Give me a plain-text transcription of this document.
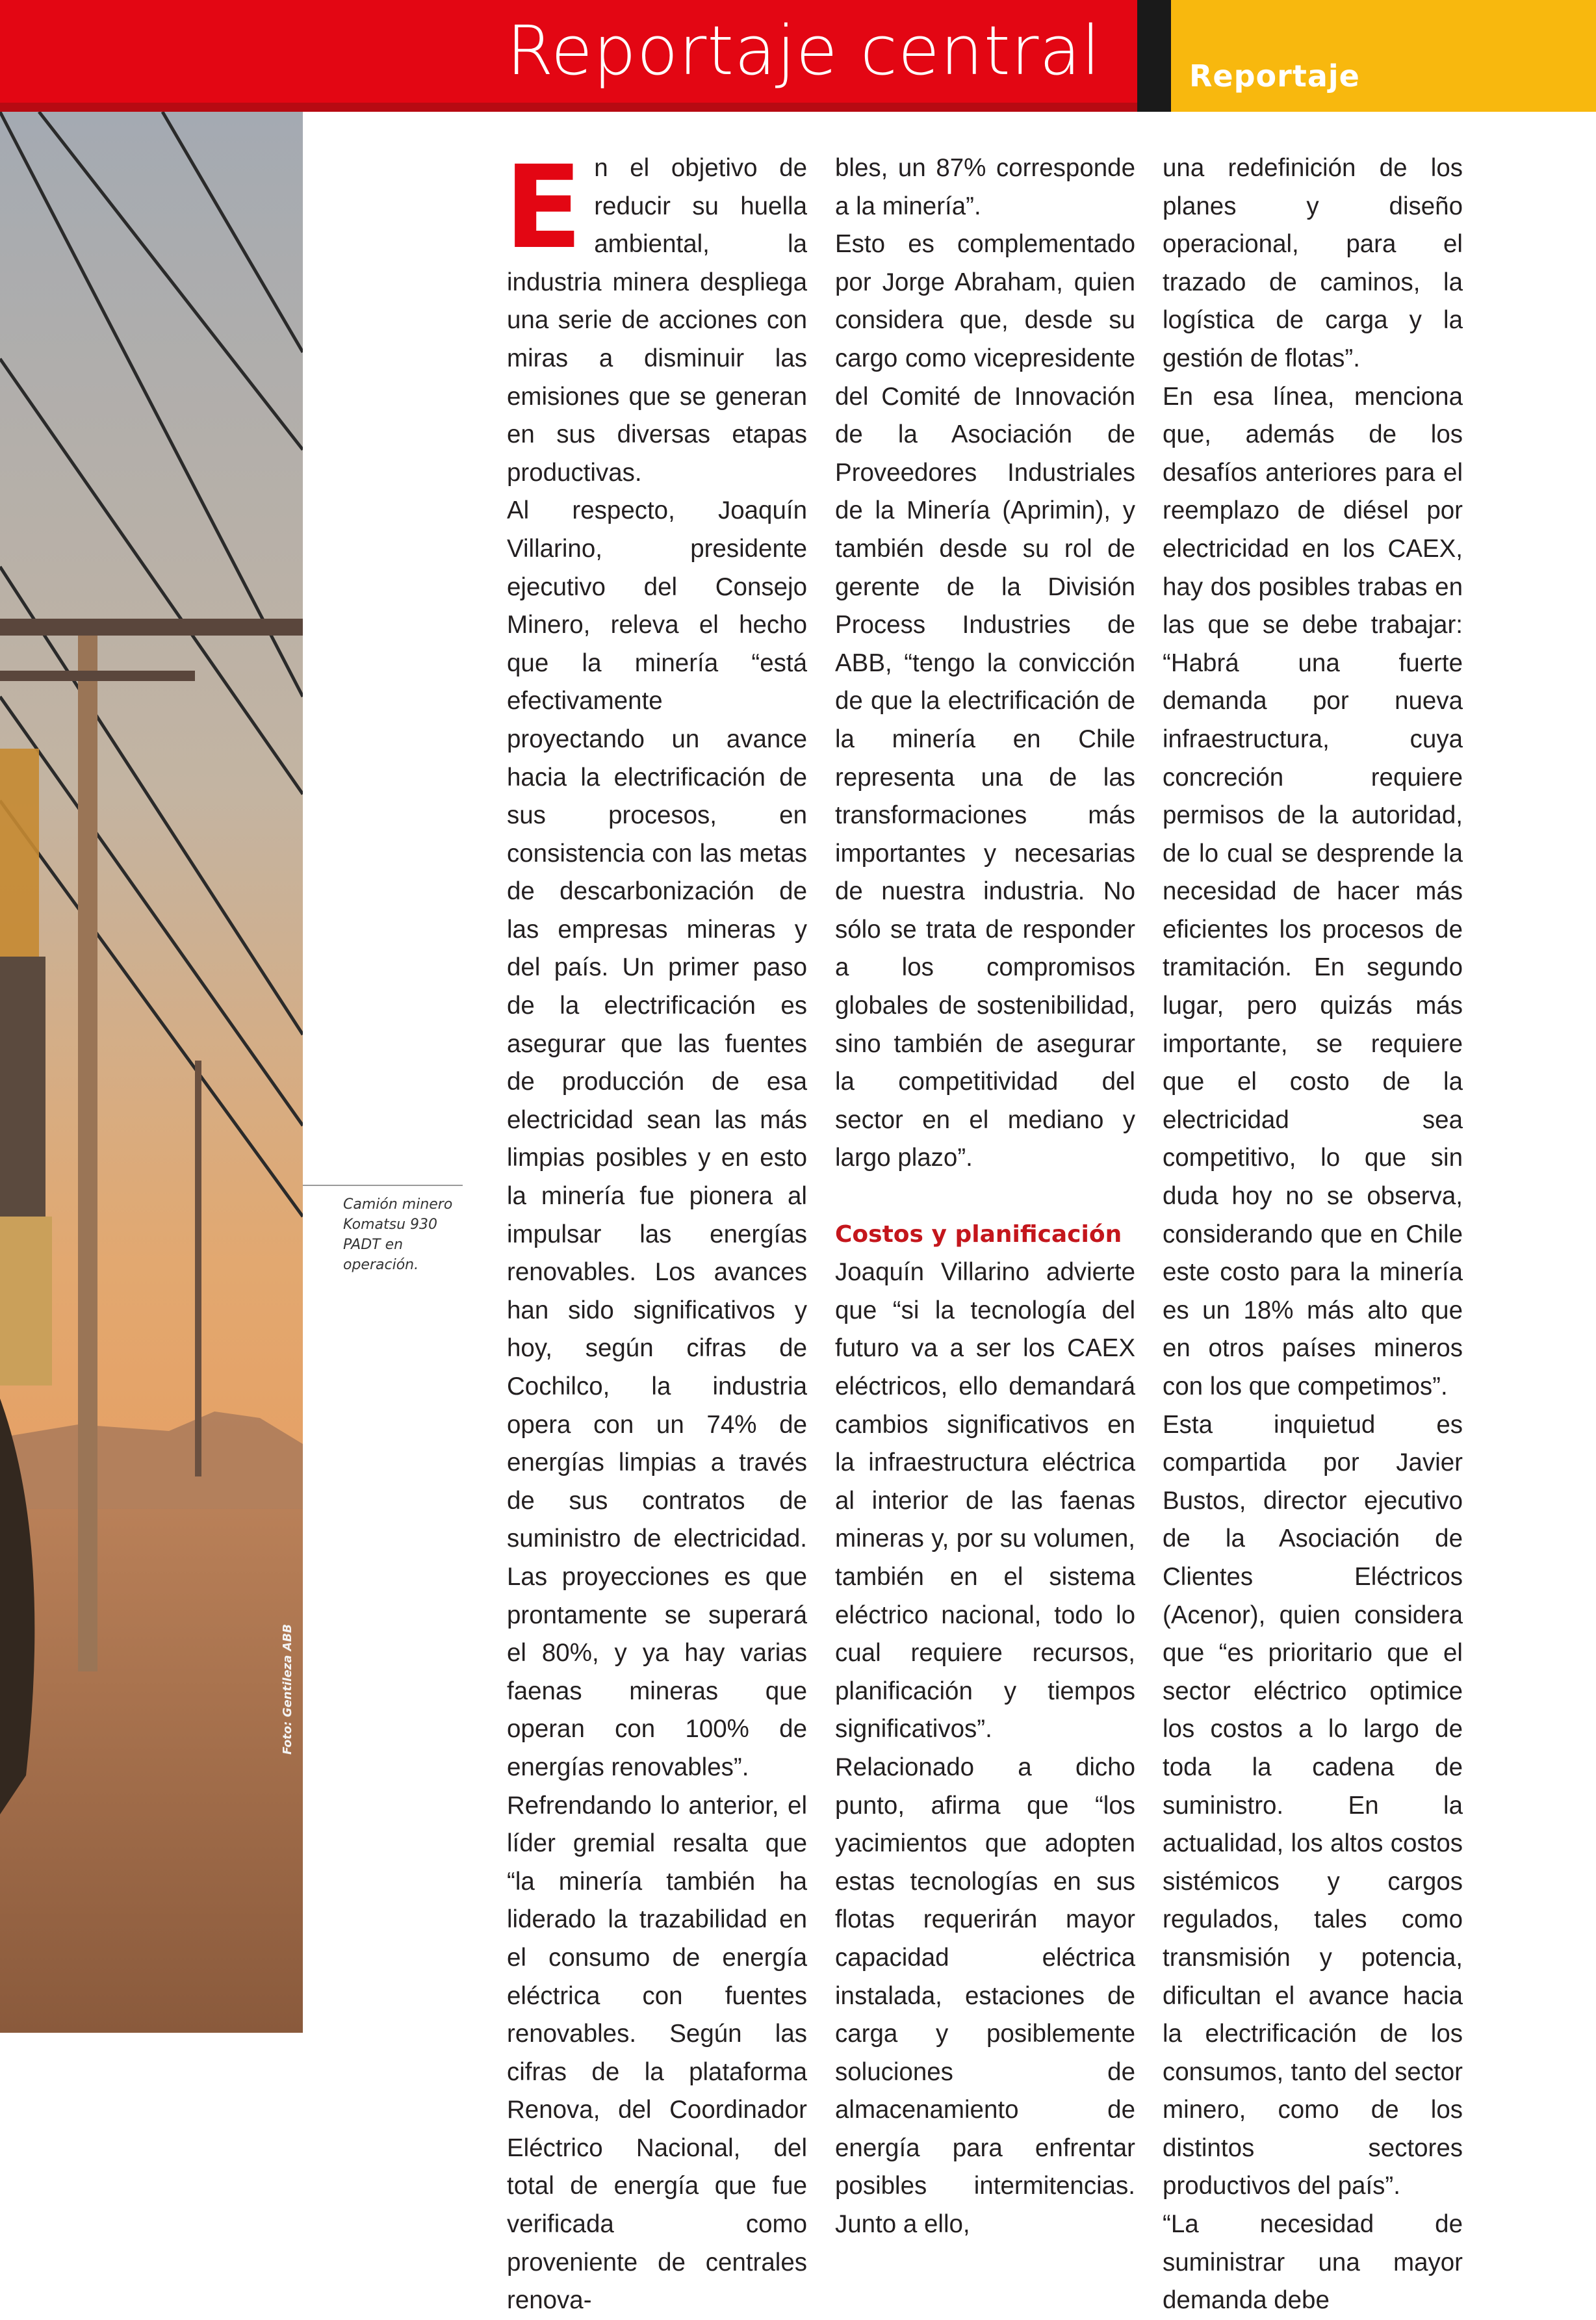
Reportaje central	Reportaje

Camión minero Komatsu 930 PADT en operación.

Foto: Gentileza ABB
E n el objetivo de reducir su huella ambiental, la industria minera despliega una serie de acciones con miras a disminuir las emisiones que se generan en sus diversas etapas productivas.

Al respecto, Joaquín Villarino, presidente ejecutivo del Consejo Minero, releva el hecho que la minería “está efectivamente proyectando un avance hacia la electrificación de sus procesos, en consistencia con las metas de descarbonización de las empresas mineras y del país. Un primer paso de la electrificación es asegurar que las fuentes de producción de esa electricidad sean las más limpias posibles y en esto la minería fue pionera al impulsar las energías renovables. Los avances han sido significativos y hoy, según cifras de Cochilco, la industria opera con un 74% de energías limpias a través de sus contratos de suministro de electricidad. Las proyecciones es que prontamente se superará el 80%, y ya hay varias faenas mineras que operan con 100% de energías renovables”.

Refrendando lo anterior, el líder gremial resalta que “la minería también ha liderado la trazabilidad en el consumo de energía eléctrica con fuentes renovables. Según las cifras de la plataforma Renova, del Coordinador Eléctrico Nacional, del total de energía que fue verificada como proveniente de centrales renova-

bles, un 87% corresponde a la minería”.

Esto es complementado por Jorge Abraham, quien considera que, desde su cargo como vicepresidente del Comité de Innovación de la Asociación de Proveedores Industriales de la Minería (Aprimin), y también desde su rol de gerente de la División Process Industries de ABB, “tengo la convicción de que la electrificación de la minería en Chile representa una de las transformaciones más importantes y necesarias de nuestra industria. No sólo se trata de responder a los compromisos globales de sostenibilidad, sino también de asegurar la competitividad del sector en el mediano y largo plazo”.

Costos y planificación

Joaquín Villarino advierte que “si la tecnología del futuro va a ser los CAEX eléctricos, ello demandará cambios significativos en la infraestructura eléctrica al interior de las faenas mineras y, por su volumen, también en el sistema eléctrico nacional, todo lo cual requiere recursos, planificación y tiempos significativos”.

Relacionado a dicho punto, afirma que “los yacimientos que adopten estas tecnologías en sus flotas requerirán mayor capacidad eléctrica instalada, estaciones de carga y posiblemente soluciones de almacenamiento de energía para enfrentar posibles intermitencias. Junto a ello,

una redefinición de los planes y diseño operacional, para el trazado de caminos, la logística de carga y la gestión de flotas”.

En esa línea, menciona que, además de los desafíos anteriores para el reemplazo de diésel por electricidad en los CAEX, hay dos posibles trabas en las que se debe trabajar: “Habrá una fuerte demanda por nueva infraestructura, cuya concreción requiere permisos de la autoridad, de lo cual se desprende la necesidad de hacer más eficientes los procesos de tramitación. En segundo lugar, pero quizás más importante, se requiere que el costo de la electricidad sea competitivo, lo que sin duda hoy no se observa, considerando que en Chile este costo para la minería es un 18% más alto que en otros países mineros con los que competimos”.

Esta inquietud es compartida por Javier Bustos, director ejecutivo de la Asociación de Clientes Eléctricos (Acenor), quien considera que “es prioritario que el sector eléctrico optimice los costos a lo largo de toda la cadena de suministro. En la actualidad, los altos costos sistémicos y cargos regulados, tales como transmisión y potencia, dificultan el avance hacia la electrificación de los consumos, tanto del sector minero, como de los distintos sectores productivos del país”.

“La necesidad de suministrar una mayor demanda debe
